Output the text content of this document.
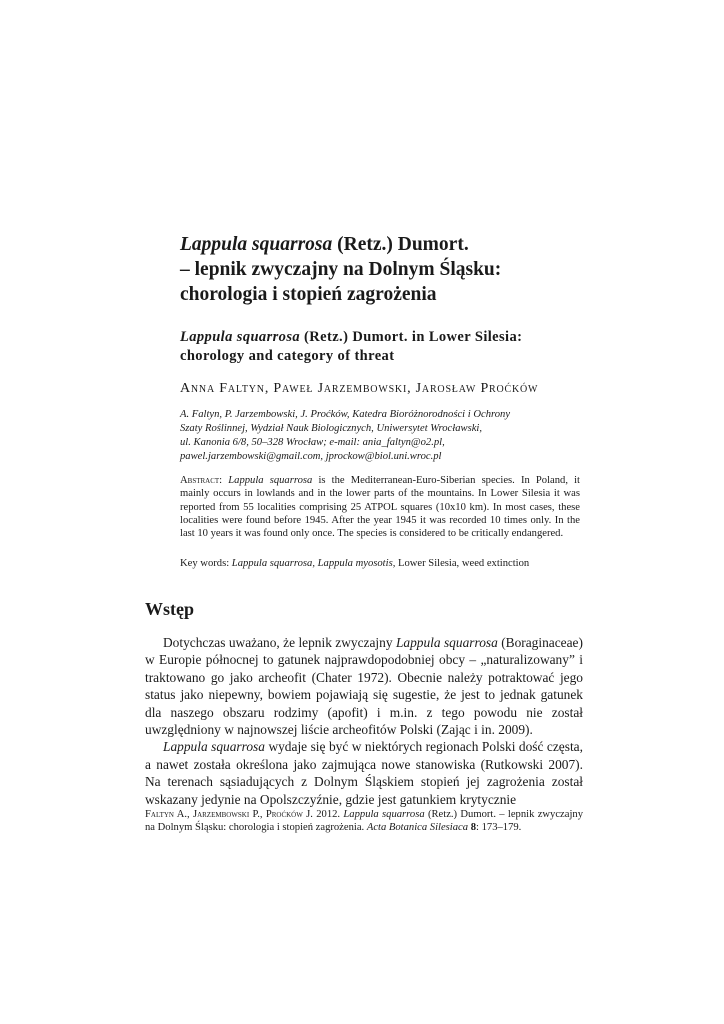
Lappula squarrosa (Retz.) Dumort.
– lepnik zwyczajny na Dolnym Śląsku:
chorologia i stopień zagrożenia
Lappula squarrosa (Retz.) Dumort. in Lower Silesia:
chorology and category of threat

Anna Faltyn, Paweł Jarzembowski, Jarosław Proćków

A. Faltyn, P. Jarzembowski, J. Proćków, Katedra Bioróżnorodności i Ochrony
Szaty Roślinnej, Wydział Nauk Biologicznych, Uniwersytet Wrocławski,
ul. Kanonia 6/8, 50–328 Wrocław; e-mail: ania_faltyn@o2.pl,
pawel.jarzembowski@gmail.com, jprockow@biol.uni.wroc.pl

Abstract: Lappula squarrosa is the Mediterranean-Euro-Siberian species. In Poland, it mainly occurs in lowlands and in the lower parts of the mountains. In Lower Silesia it was reported from 55 localities comprising 25 ATPOL squares (10x10 km). In most cases, these localities were found before 1945. After the year 1945 it was recorded 10 times only. In the last 10 years it was found only once. The species is considered to be critically endangered.

Key words: Lappula squarrosa, Lappula myosotis, Lower Silesia, weed extinction

Wstęp

Dotychczas uważano, że lepnik zwyczajny Lappula squarrosa (Boraginaceae) w Europie północnej to gatunek najprawdopodobniej obcy – „naturalizowany” i traktowano go jako archeofit (Chater 1972). Obecnie należy potraktować jego status jako niepewny, bowiem pojawiają się sugestie, że jest to jednak gatunek dla naszego obszaru rodzimy (apofit) i m.in. z tego powodu nie został uwzględniony w najnowszej liście archeofitów Polski (Zając i in. 2009).

Lappula squarrosa wydaje się być w niektórych regionach Polski dość częsta, a nawet została określona jako zajmująca nowe stanowiska (Rutkowski 2007). Na terenach sąsiadujących z Dolnym Śląskiem stopień jej zagrożenia został wskazany jedynie na Opolszczyźnie, gdzie jest gatunkiem krytycznie

Faltyn A., Jarzembowski P., Proćków J. 2012. Lappula squarrosa (Retz.) Dumort. – lepnik zwyczajny na Dolnym Śląsku: chorologia i stopień zagrożenia. Acta Botanica Silesiaca 8: 173–179.
